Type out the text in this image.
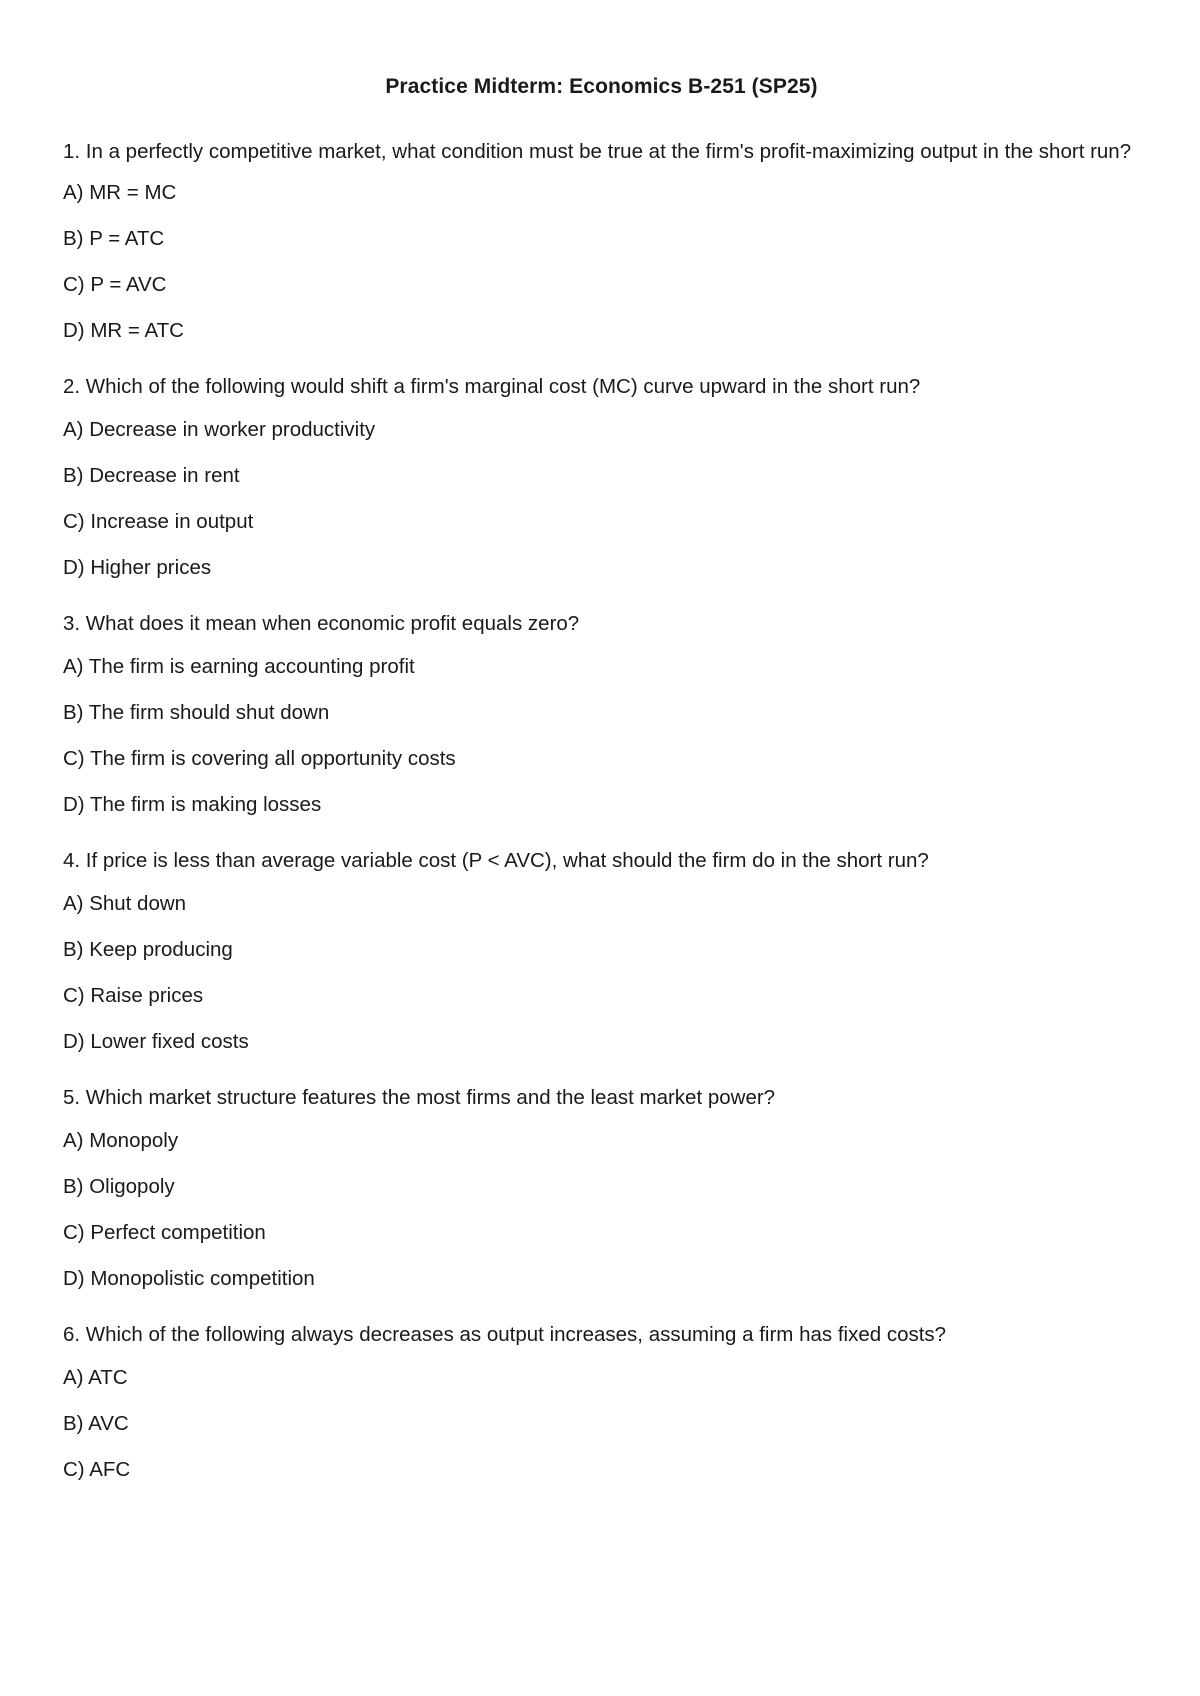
Practice Midterm: Economics B-251 (SP25)

1. In a perfectly competitive market, what condition must be true at the firm's profit-maximizing output in the short run?

A) MR = MC

B) P = ATC

C) P = AVC

D) MR = ATC

2. Which of the following would shift a firm's marginal cost (MC) curve upward in the short run?

A) Decrease in worker productivity

B) Decrease in rent

C) Increase in output

D) Higher prices

3. What does it mean when economic profit equals zero?

A) The firm is earning accounting profit

B) The firm should shut down

C) The firm is covering all opportunity costs

D) The firm is making losses

4. If price is less than average variable cost (P < AVC), what should the firm do in the short run?

A) Shut down

B) Keep producing

C) Raise prices

D) Lower fixed costs

5. Which market structure features the most firms and the least market power?

A) Monopoly

B) Oligopoly

C) Perfect competition

D) Monopolistic competition

6. Which of the following always decreases as output increases, assuming a firm has fixed costs?

A) ATC

B) AVC

C) AFC
